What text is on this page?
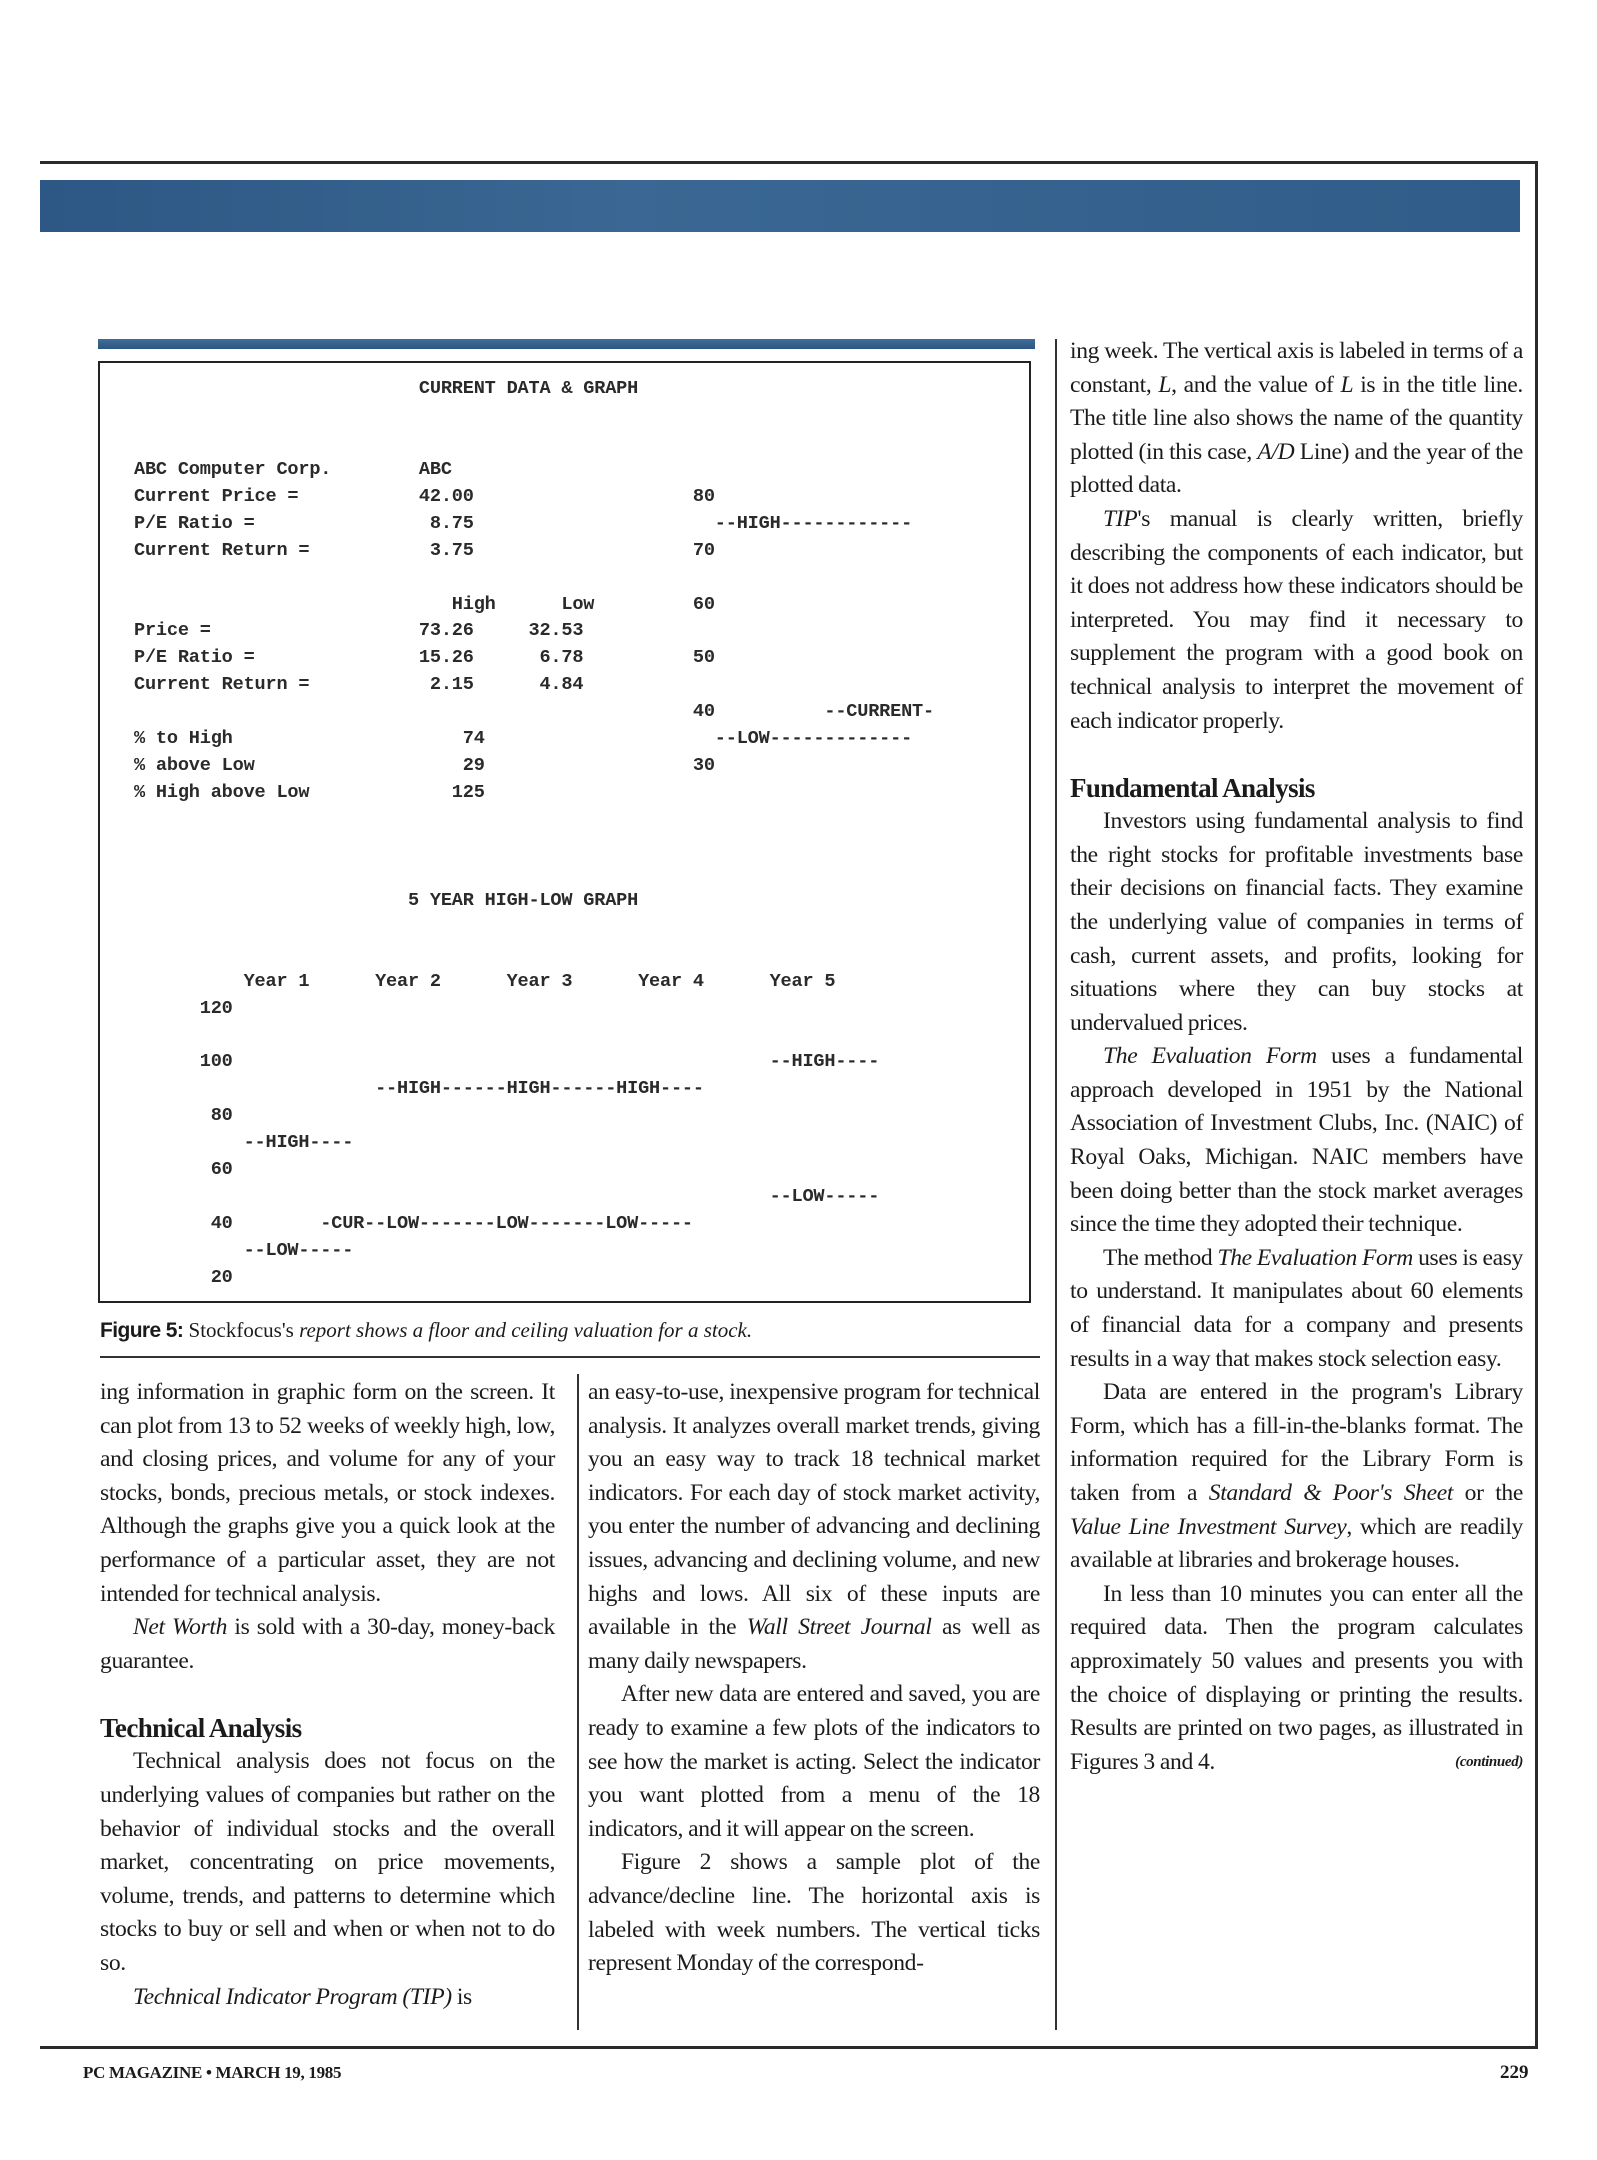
CURRENT DATA & GRAPH
ABC Computer Corp.        ABC
Current Price =           42.00                    80
P/E Ratio =                8.75                      --HIGH------------
Current Return =           3.75                    70
High      Low         60
Price =                   73.26     32.53
P/E Ratio =               15.26      6.78          50
Current Return =           2.15      4.84
40          --CURRENT-
% to High                     74                     --LOW-------------
% above Low                   29                   30
% High above Low             125
5 YEAR HIGH-LOW GRAPH
Year 1      Year 2      Year 3      Year 4      Year 5
120
100                                                 --HIGH----
--HIGH------HIGH------HIGH----
80
--HIGH----
60
--LOW-----
40        -CUR--LOW-------LOW-------LOW-----
--LOW-----
20
Figure 5: Stockfocus's report shows a floor and ceiling valuation for a stock.

ing information in graphic form on the screen. It can plot from 13 to 52 weeks of weekly high, low, and closing prices, and volume for any of your stocks, bonds, precious metals, or stock indexes. Although the graphs give you a quick look at the performance of a particular asset, they are not intended for technical analysis.

Net Worth is sold with a 30-day, money-back guarantee.

Technical Analysis

Technical analysis does not focus on the underlying values of companies but rather on the behavior of individual stocks and the overall market, concentrating on price movements, volume, trends, and patterns to determine which stocks to buy or sell and when or when not to do so.

Technical Indicator Program (TIP) is

an easy-to-use, inexpensive program for technical analysis. It analyzes overall market trends, giving you an easy way to track 18 technical market indicators. For each day of stock market activity, you enter the number of advancing and declining issues, advancing and declining volume, and new highs and lows. All six of these inputs are available in the Wall Street Journal as well as many daily newspapers.

After new data are entered and saved, you are ready to examine a few plots of the indicators to see how the market is acting. Select the indicator you want plotted from a menu of the 18 indicators, and it will appear on the screen.

Figure 2 shows a sample plot of the advance/decline line. The horizontal axis is labeled with week numbers. The vertical ticks represent Monday of the correspond-

ing week. The vertical axis is labeled in terms of a constant, L, and the value of L is in the title line. The title line also shows the name of the quantity plotted (in this case, A/D Line) and the year of the plotted data.

TIP's manual is clearly written, briefly describing the components of each indicator, but it does not address how these indicators should be interpreted. You may find it necessary to supplement the program with a good book on technical analysis to interpret the movement of each indicator properly.

Fundamental Analysis

Investors using fundamental analysis to find the right stocks for profitable investments base their decisions on financial facts. They examine the underlying value of companies in terms of cash, current assets, and profits, looking for situations where they can buy stocks at undervalued prices.

The Evaluation Form uses a fundamental approach developed in 1951 by the National Association of Investment Clubs, Inc. (NAIC) of Royal Oaks, Michigan. NAIC members have been doing better than the stock market averages since the time they adopted their technique.

The method The Evaluation Form uses is easy to understand. It manipulates about 60 elements of financial data for a company and presents results in a way that makes stock selection easy.

Data are entered in the program's Library Form, which has a fill-in-the-blanks format. The information required for the Library Form is taken from a Standard & Poor's Sheet or the Value Line Investment Survey, which are readily available at libraries and brokerage houses.

In less than 10 minutes you can enter all the required data. Then the program calculates approximately 50 values and presents you with the choice of displaying or printing the results. Results are printed on two pages, as illustrated in Figures 3 and 4.	(continued)

PC MAGAZINE • MARCH 19, 1985	229
